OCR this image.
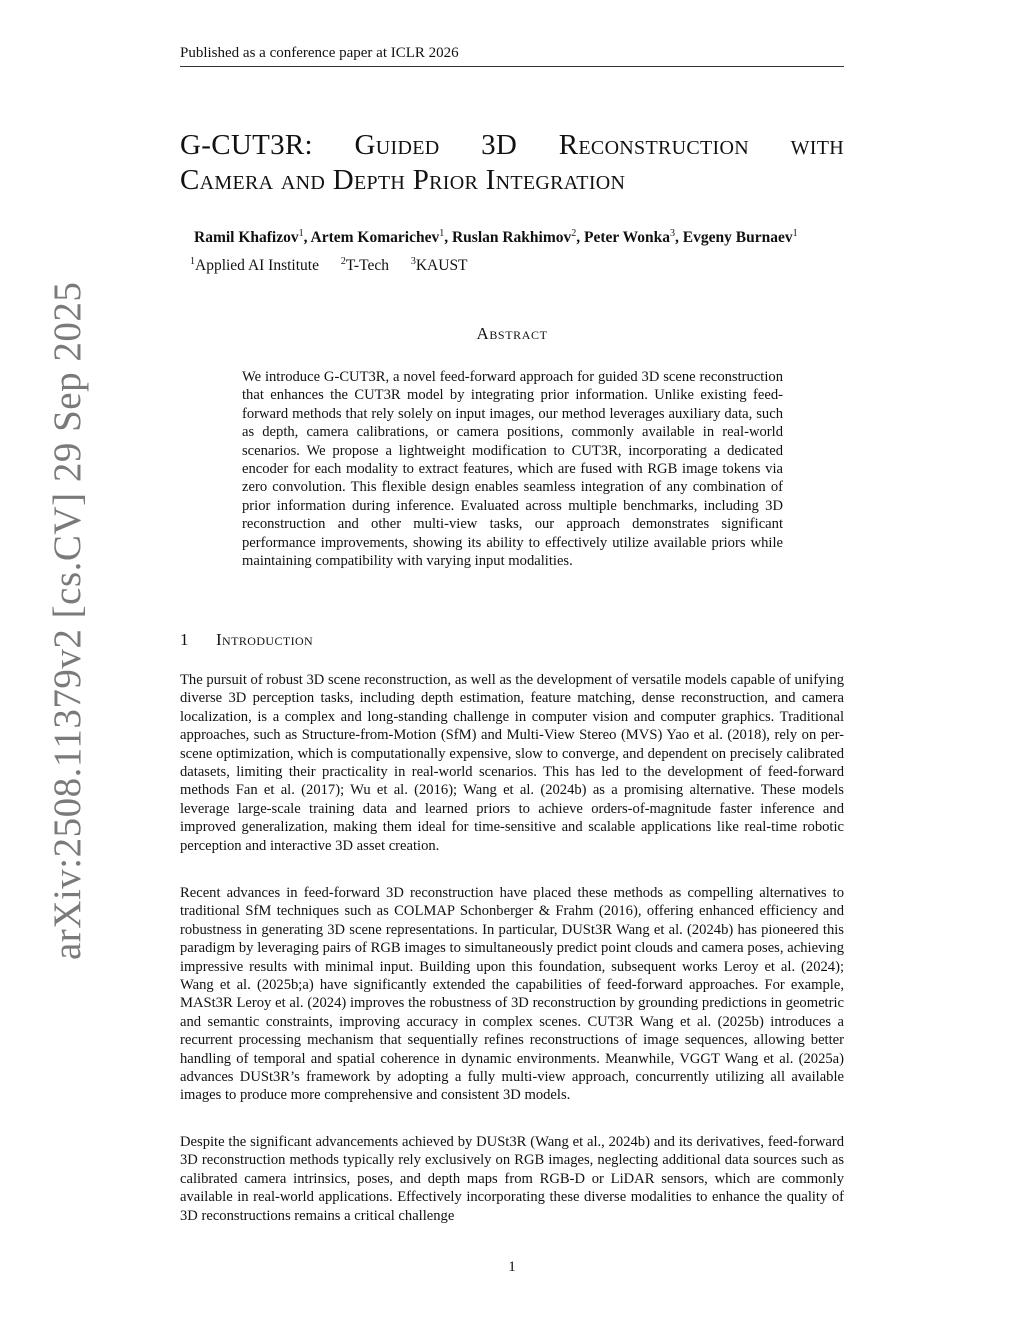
Published as a conference paper at ICLR 2026
arXiv:2508.11379v2 [cs.CV] 29 Sep 2025
G-CUT3R: Guided 3D Reconstruction with
Camera and Depth Prior Integration
Ramil Khafizov$^1$, Artem Komarichev$^1$, Ruslan Rakhimov$^2$, Peter Wonka$^3$, Evgeny Burnaev$^1$
$^1$Applied AI Institute $^2$T-Tech $^3$KAUST
Abstract
We introduce G-CUT3R, a novel feed-forward approach for guided 3D scene reconstruction that enhances the CUT3R model by integrating prior information. Unlike existing feed-forward methods that rely solely on input images, our method leverages auxiliary data, such as depth, camera calibrations, or camera positions, commonly available in real-world scenarios. We propose a lightweight modification to CUT3R, incorporating a dedicated encoder for each modality to extract features, which are fused with RGB image tokens via zero convolution. This flexible design enables seamless integration of any combination of prior information during inference. Evaluated across multiple benchmarks, including 3D reconstruction and other multi-view tasks, our approach demonstrates significant performance improvements, showing its ability to effectively utilize available priors while maintaining compatibility with varying input modalities.
1 Introduction
The pursuit of robust 3D scene reconstruction, as well as the development of versatile models capable of unifying diverse 3D perception tasks, including depth estimation, feature matching, dense reconstruction, and camera localization, is a complex and long-standing challenge in computer vision and computer graphics. Traditional approaches, such as Structure-from-Motion (SfM) and Multi-View Stereo (MVS) Yao et al. (2018), rely on per-scene optimization, which is computationally expensive, slow to converge, and dependent on precisely calibrated datasets, limiting their practicality in real-world scenarios. This has led to the development of feed-forward methods Fan et al. (2017); Wu et al. (2016); Wang et al. (2024b) as a promising alternative. These models leverage large-scale training data and learned priors to achieve orders-of-magnitude faster inference and improved generalization, making them ideal for time-sensitive and scalable applications like real-time robotic perception and interactive 3D asset creation.
Recent advances in feed-forward 3D reconstruction have placed these methods as compelling alternatives to traditional SfM techniques such as COLMAP Schonberger & Frahm (2016), offering enhanced efficiency and robustness in generating 3D scene representations. In particular, DUSt3R Wang et al. (2024b) has pioneered this paradigm by leveraging pairs of RGB images to simultaneously predict point clouds and camera poses, achieving impressive results with minimal input. Building upon this foundation, subsequent works Leroy et al. (2024); Wang et al. (2025b;a) have significantly extended the capabilities of feed-forward approaches. For example, MASt3R Leroy et al. (2024) improves the robustness of 3D reconstruction by grounding predictions in geometric and semantic constraints, improving accuracy in complex scenes. CUT3R Wang et al. (2025b) introduces a recurrent processing mechanism that sequentially refines reconstructions of image sequences, allowing better handling of temporal and spatial coherence in dynamic environments. Meanwhile, VGGT Wang et al. (2025a) advances DUSt3R’s framework by adopting a fully multi-view approach, concurrently utilizing all available images to produce more comprehensive and consistent 3D models.
Despite the significant advancements achieved by DUSt3R (Wang et al., 2024b) and its derivatives, feed-forward 3D reconstruction methods typically rely exclusively on RGB images, neglecting additional data sources such as calibrated camera intrinsics, poses, and depth maps from RGB-D or LiDAR sensors, which are commonly available in real-world applications. Effectively incorporating these diverse modalities to enhance the quality of 3D reconstructions remains a critical challenge
1
